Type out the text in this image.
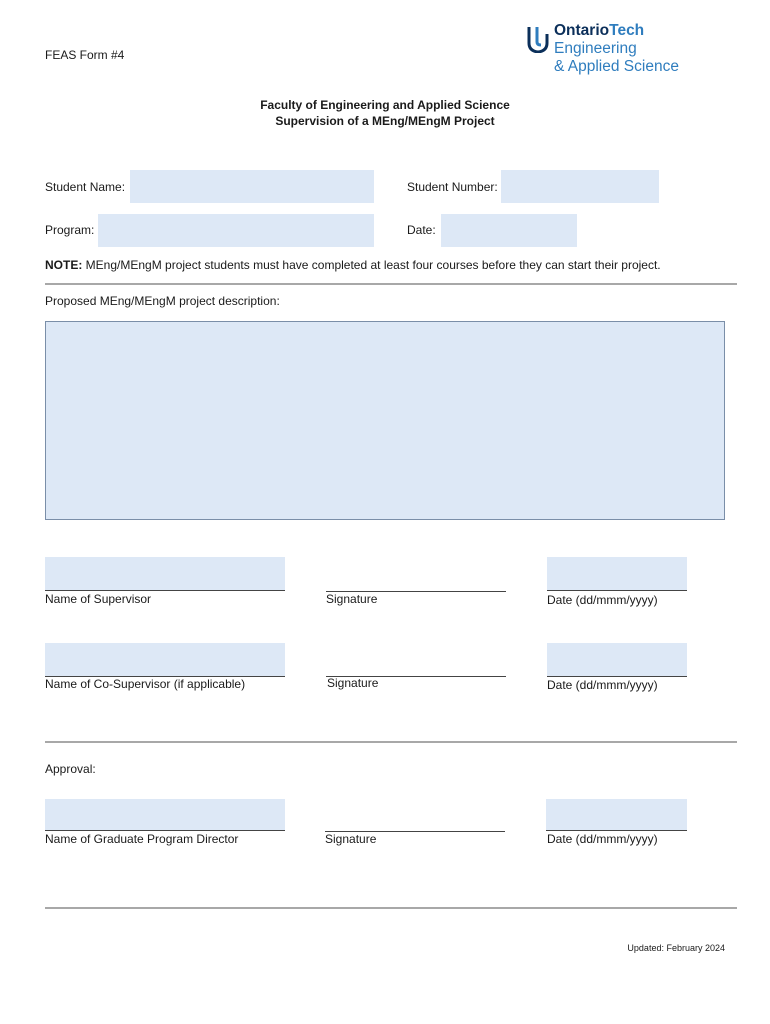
FEAS Form #4
OntarioTech
Engineering
& Applied Science
Faculty of Engineering and Applied Science
Supervision of a MEng/MEngM Project
Student Name:	Student Number:
Program:	Date:
NOTE: MEng/MEngM project students must have completed at least four courses before they can start their project.
Proposed MEng/MEngM project description:
Name of Supervisor	Signature	Date (dd/mmm/yyyy)
Name of Co-Supervisor (if applicable)	Signature	Date (dd/mmm/yyyy)
Approval:
Name of Graduate Program Director	Signature	Date (dd/mmm/yyyy)
Updated: February 2024
